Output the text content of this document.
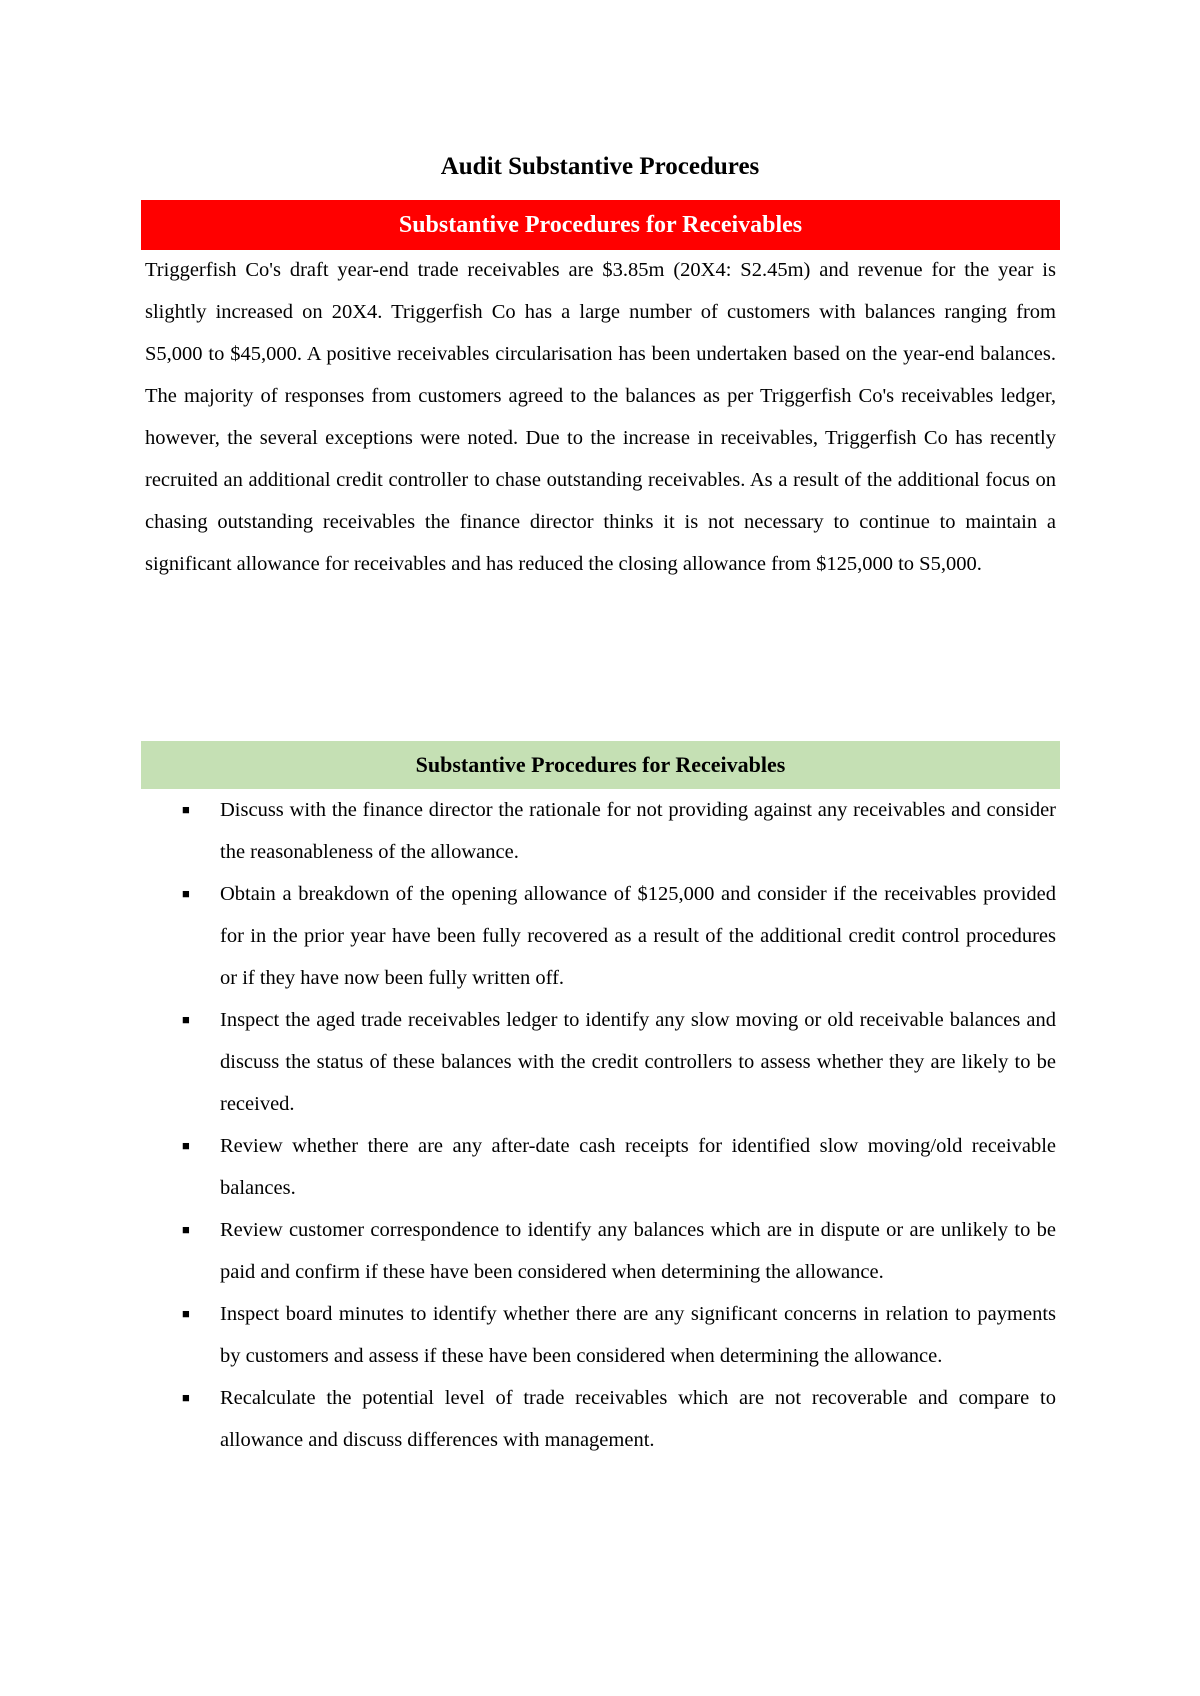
Audit Substantive Procedures
Substantive Procedures for Receivables

Triggerfish Co's draft year-end trade receivables are $3.85m (20X4: S2.45m) and revenue for the year is slightly increased on 20X4. Triggerfish Co has a large number of customers with balances ranging from S5,000 to $45,000. A positive receivables circularisation has been undertaken based on the year-end balances. The majority of responses from customers agreed to the balances as per Triggerfish Co's receivables ledger, however, the several exceptions were noted. Due to the increase in receivables, Triggerfish Co has recently recruited an additional credit controller to chase outstanding receivables. As a result of the additional focus on chasing outstanding receivables the finance director thinks it is not necessary to continue to maintain a significant allowance for receivables and has reduced the closing allowance from $125,000 to S5,000.

Substantive Procedures for Receivables
■	Discuss with the finance director the rationale for not providing against any receivables and consider the reasonableness of the allowance.
■	Obtain a breakdown of the opening allowance of $125,000 and consider if the receivables provided for in the prior year have been fully recovered as a result of the additional credit control procedures or if they have now been fully written off.
■	Inspect the aged trade receivables ledger to identify any slow moving or old receivable balances and discuss the status of these balances with the credit controllers to assess whether they are likely to be received.
■	Review whether there are any after-date cash receipts for identified slow moving/old receivable balances.
■	Review customer correspondence to identify any balances which are in dispute or are unlikely to be paid and confirm if these have been considered when determining the allowance.
■	Inspect board minutes to identify whether there are any significant concerns in relation to payments by customers and assess if these have been considered when determining the allowance.
■	Recalculate the potential level of trade receivables which are not recoverable and compare to allowance and discuss differences with management.
